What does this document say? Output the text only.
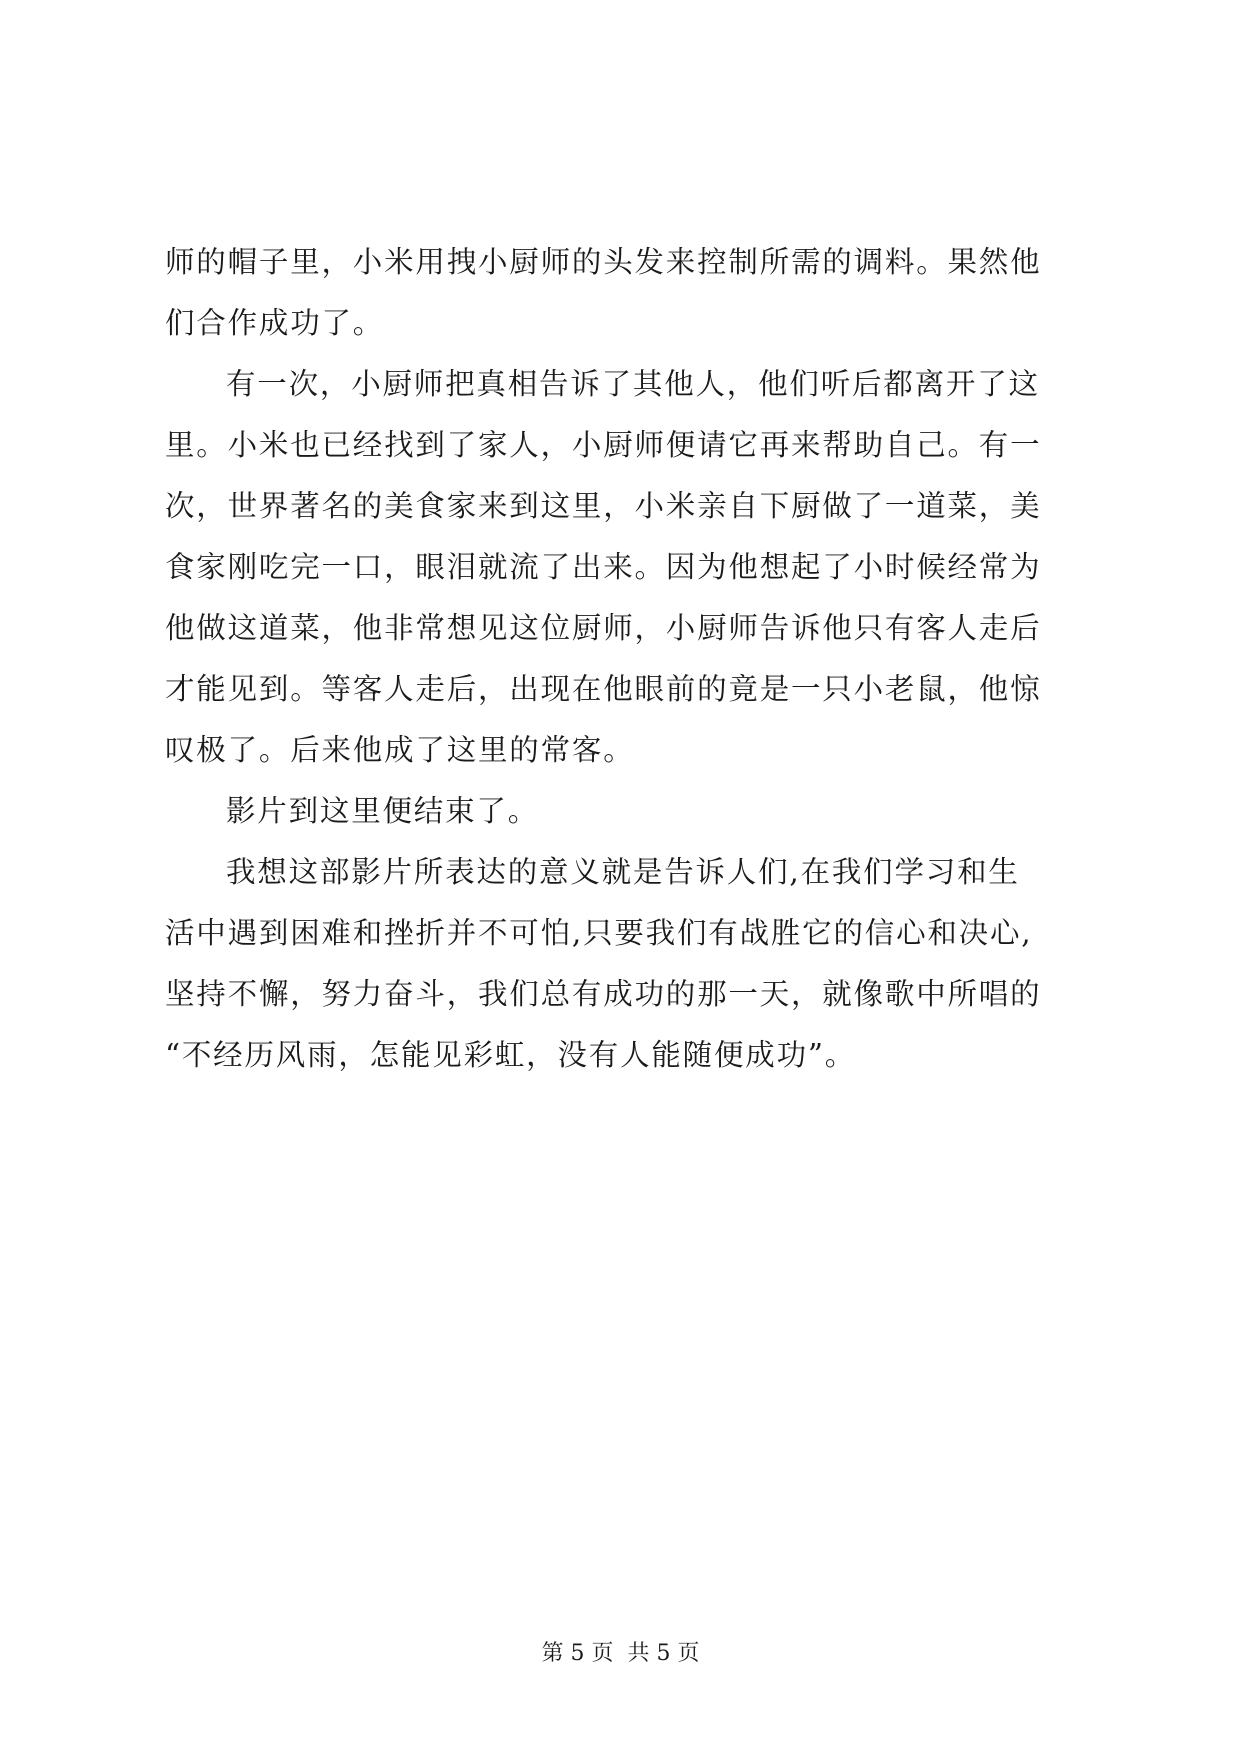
师的帽子里，小米用拽小厨师的头发来控制所需的调料。果然他
们合作成功了。
有一次，小厨师把真相告诉了其他人，他们听后都离开了这
里。小米也已经找到了家人，小厨师便请它再来帮助自己。有一
次，世界著名的美食家来到这里，小米亲自下厨做了一道菜，美
食家刚吃完一口，眼泪就流了出来。因为他想起了小时候经常为
他做这道菜，他非常想见这位厨师，小厨师告诉他只有客人走后
才能见到。等客人走后，出现在他眼前的竟是一只小老鼠，他惊
叹极了。后来他成了这里的常客。
影片到这里便结束了。
我想这部影片所表达的意义就是告诉人们,在我们学习和生
活中遇到困难和挫折并不可怕,只要我们有战胜它的信心和决心,
坚持不懈，努力奋斗，我们总有成功的那一天，就像歌中所唱的
“不经历风雨，怎能见彩虹，没有人能随便成功”。
第 5 页 共 5 页
